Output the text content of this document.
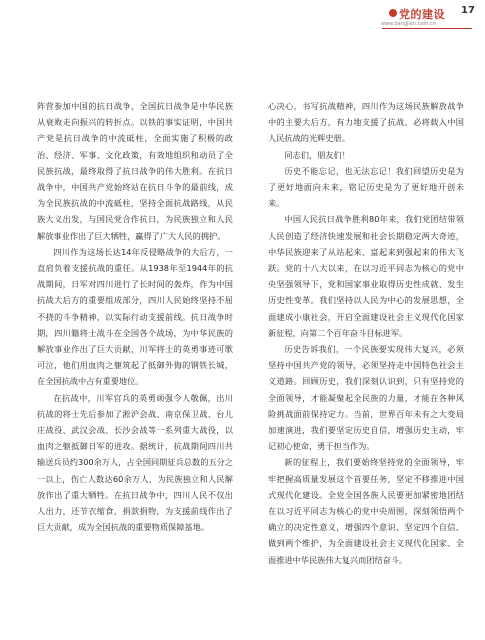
党的建设
www.dangjian.com.cn
17

阵营参加中国的抗日战争，全国抗日战争是中华民族从衰败走向振兴的转折点。以铁的事实证明，中国共产党是抗日战争的中流砥柱，全面实施了积极的政治、经济、军事、文化政策，有效地组织和动员了全民族抗战，最终取得了抗日战争的伟大胜利。在抗日战争中，中国共产党始终站在抗日斗争的最前线，成为全民族抗战的中流砥柱，坚持全面抗战路线，从民族大义出发，与国民党合作抗日，为民族独立和人民解放事业作出了巨大牺牲，赢得了广大人民的拥护。

四川作为这场长达14年反侵略战争的大后方，一直肩负着支援抗战的重任。从1938年至1944年的抗战期间，日军对四川进行了长时间的轰炸，作为中国抗战大后方的重要组成部分，四川人民始终坚持不屈不挠的斗争精神，以实际行动支援前线。抗日战争时期，四川籍将士战斗在全国各个战场，为中华民族的解放事业作出了巨大贡献，川军将士的英勇事迹可歌可泣，他们用血肉之躯筑起了抵御外侮的钢铁长城，在全国抗战中占有重要地位。

在抗战中，川军官兵的英勇顽强令人敬佩，出川抗战的将士先后参加了淞沪会战、南京保卫战、台儿庄战役、武汉会战、长沙会战等一系列重大战役，以血肉之躯抵御日军的进攻。据统计，抗战期间四川共输送兵员约300余万人，占全国同期征兵总数的五分之一以上，伤亡人数达60余万人，为民族独立和人民解放作出了重大牺牲。在抗日战争中，四川人民不仅出人出力，还节衣缩食，捐款捐物，为支援前线作出了巨大贡献，成为全国抗战的重要物质保障基地。

心决心，书写抗战精神，四川作为这场民族解放战争中的主要大后方，有力地支援了抗战，必将载入中国人民抗战的光辉史册。

同志们，朋友们！

历史不能忘记，也无法忘记！我们回望历史是为了更好地面向未来，铭记历史是为了更好地开创未来。

中国人民抗日战争胜利80年来，我们党团结带领人民创造了经济快速发展和社会长期稳定两大奇迹，中华民族迎来了从站起来、富起来到强起来的伟大飞跃。党的十八大以来，在以习近平同志为核心的党中央坚强领导下，党和国家事业取得历史性成就、发生历史性变革。我们坚持以人民为中心的发展思想，全面建成小康社会，开启全面建设社会主义现代化国家新征程，向第二个百年奋斗目标进军。

历史告诉我们，一个民族要实现伟大复兴，必须坚持中国共产党的领导，必须坚持走中国特色社会主义道路。回顾历史，我们深刻认识到，只有坚持党的全面领导，才能凝聚起全民族的力量，才能在各种风险挑战面前保持定力。当前，世界百年未有之大变局加速演进，我们要坚定历史自信，增强历史主动，牢记初心使命，勇于担当作为。

新的征程上，我们要始终坚持党的全面领导，牢牢把握高质量发展这个首要任务，坚定不移推进中国式现代化建设。全党全国各族人民要更加紧密地团结在以习近平同志为核心的党中央周围，深刻领悟两个确立的决定性意义，增强四个意识、坚定四个自信、做到两个维护，为全面建设社会主义现代化国家、全面推进中华民族伟大复兴而团结奋斗。
